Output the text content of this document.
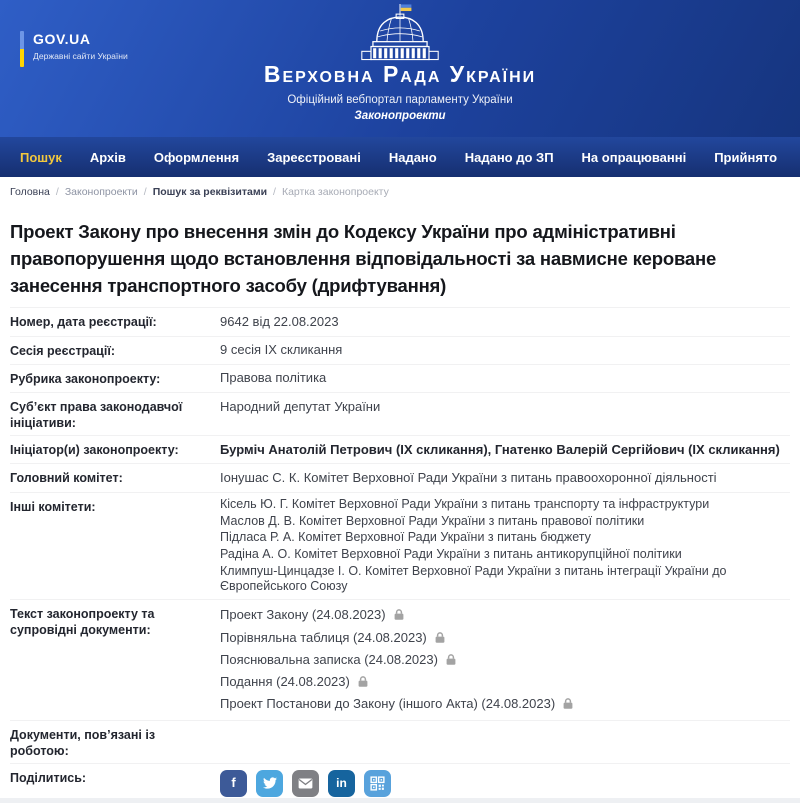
GOV.UA
Державні сайти України
Верховна Рада України
Офіційний вебпортал парламенту України
Законопроекти
Пошук Архів Оформлення Зареєстровані Надано Надано до ЗП На опрацюванні Прийнято
Головна / Законопроекти / Пошук за реквізитами / Картка законопроекту
Проект Закону про внесення змін до Кодексу України про адміністративні правопорушення щодо встановлення відповідальності за навмисне кероване занесення транспортного засобу (дрифтування)
Номер, дата реєстрації:	9642 від 22.08.2023
Сесія реєстрації:	9 сесія IX скликання
Рубрика законопроекту:	Правова політика
Суб’єкт права законодавчої ініціативи:
Народний депутат України
Ініціатор(и) законопроекту:	Бурміч Анатолій Петрович (ІХ скликання), Гнатенко Валерій Сергійович (ІХ скликання)
Головний комітет:	Іонушас С. К. Комітет Верховної Ради України з питань правоохоронної діяльності
Інші комітети:	Кісель Ю. Г. Комітет Верховної Ради України з питань транспорту та інфраструктури
Маслов Д. В. Комітет Верховної Ради України з питань правової політики
Підласа Р. А. Комітет Верховної Ради України з питань бюджету
Радіна А. О. Комітет Верховної Ради України з питань антикорупційної політики
Климпуш-Цинцадзе І. О. Комітет Верховної Ради України з питань інтеграції України до Європейського Союзу
Текст законопроекту та супровідні документи:
Проект Закону (24.08.2023)
Порівняльна таблиця (24.08.2023)
Пояснювальна записка (24.08.2023)
Подання (24.08.2023)
Проект Постанови до Закону (іншого Акта) (24.08.2023)
Документи, пов’язані із роботою:
Поділитись:	f	in
